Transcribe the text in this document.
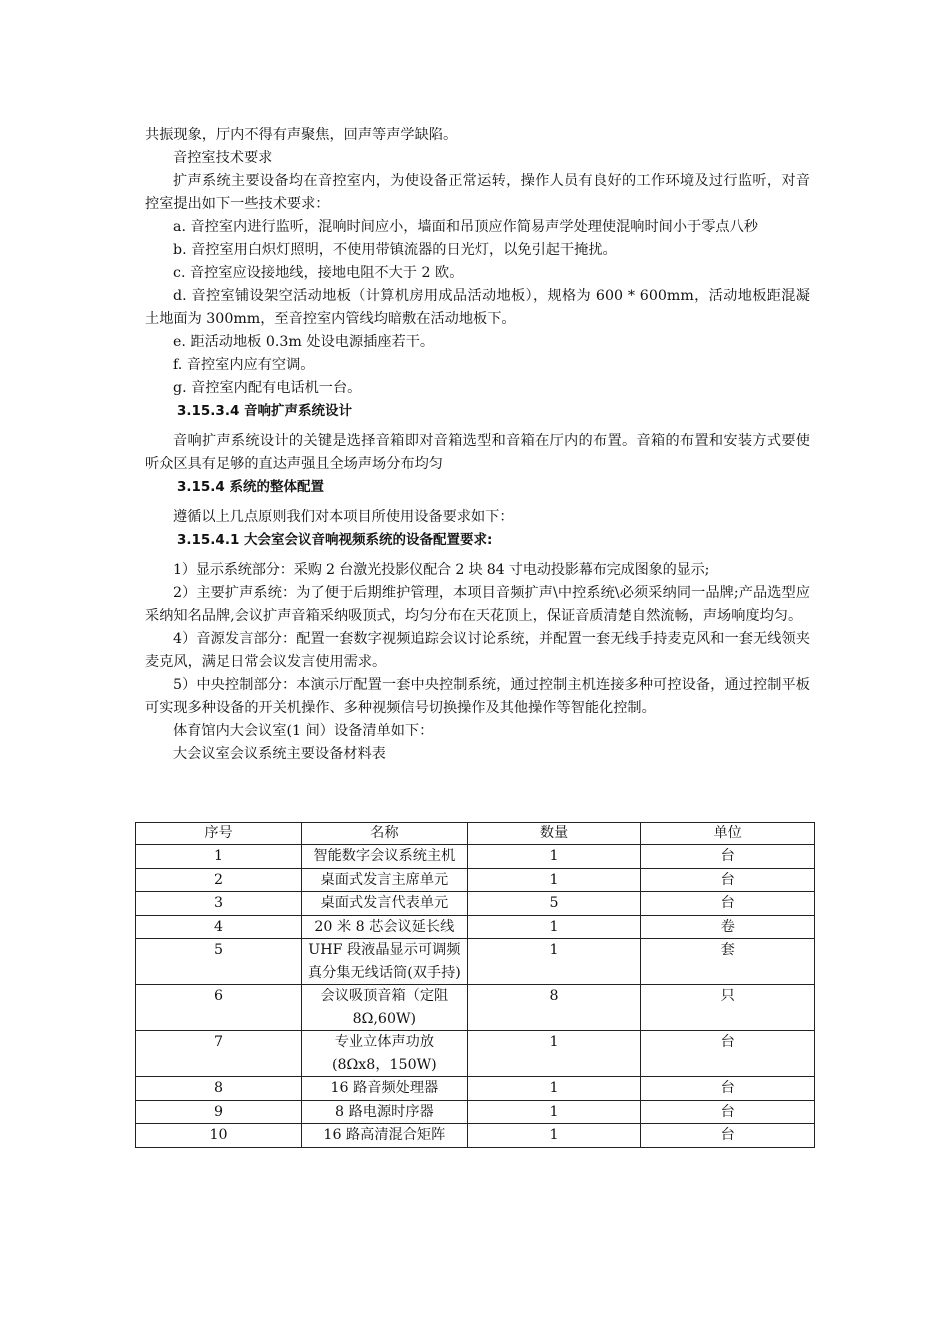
共振现象，厅内不得有声聚焦，回声等声学缺陷。

音控室技术要求

扩声系统主要设备均在音控室内，为使设备正常运转，操作人员有良好的工作环境及过行监听，对音控室提出如下一些技术要求：

a. 音控室内进行监听，混响时间应小，墙面和吊顶应作简易声学处理使混响时间小于零点八秒

b. 音控室用白炽灯照明，不使用带镇流器的日光灯，以免引起干掩扰。

c. 音控室应设接地线，接地电阻不大于 2 欧。

d. 音控室铺设架空活动地板（计算机房用成品活动地板），规格为 600 * 600mm，活动地板距混凝土地面为 300mm，至音控室内管线均暗敷在活动地板下。

e. 距活动地板 0.3m 处设电源插座若干。

f. 音控室内应有空调。

g. 音控室内配有电话机一台。

3.15.3.4 音响扩声系统设计

音响扩声系统设计的关键是选择音箱即对音箱选型和音箱在厅内的布置。音箱的布置和安装方式要使听众区具有足够的直达声强且全场声场分布均匀

3.15.4 系统的整体配置

遵循以上几点原则我们对本项目所使用设备要求如下：

3.15.4.1 大会室会议音响视频系统的设备配置要求:

1）显示系统部分：采购 2 台激光投影仪配合 2 块 84 寸电动投影幕布完成图象的显示;

2）主要扩声系统：为了便于后期维护管理，本项目音频扩声\中控系统\必须采纳同一品牌;产品选型应采纳知名品牌,会议扩声音箱采纳吸顶式，均匀分布在天花顶上，保证音质清楚自然流畅，声场响度均匀。

4）音源发言部分：配置一套数字视频追踪会议讨论系统，并配置一套无线手持麦克风和一套无线领夹麦克风，满足日常会议发言使用需求。

5）中央控制部分：本演示厅配置一套中央控制系统，通过控制主机连接多种可控设备，通过控制平板可实现多种设备的开关机操作、多种视频信号切换操作及其他操作等智能化控制。

体育馆内大会议室(1 间）设备清单如下：

大会议室会议系统主要设备材料表

序号	名称	数量	单位
1	智能数字会议系统主机	1	台
2	桌面式发言主席单元	1	台
3	桌面式发言代表单元	5	台
4	20 米 8 芯会议延长线	1	卷
5	UHF 段液晶显示可调频真分集无线话筒(双手持)	1	套
6	会议吸顶音箱（定阻8Ω,60W)	8	只
7	专业立体声功放(8Ωx8，150W)	1	台
8	16 路音频处理器	1	台
9	8 路电源时序器	1	台
10	16 路高清混合矩阵	1	台
